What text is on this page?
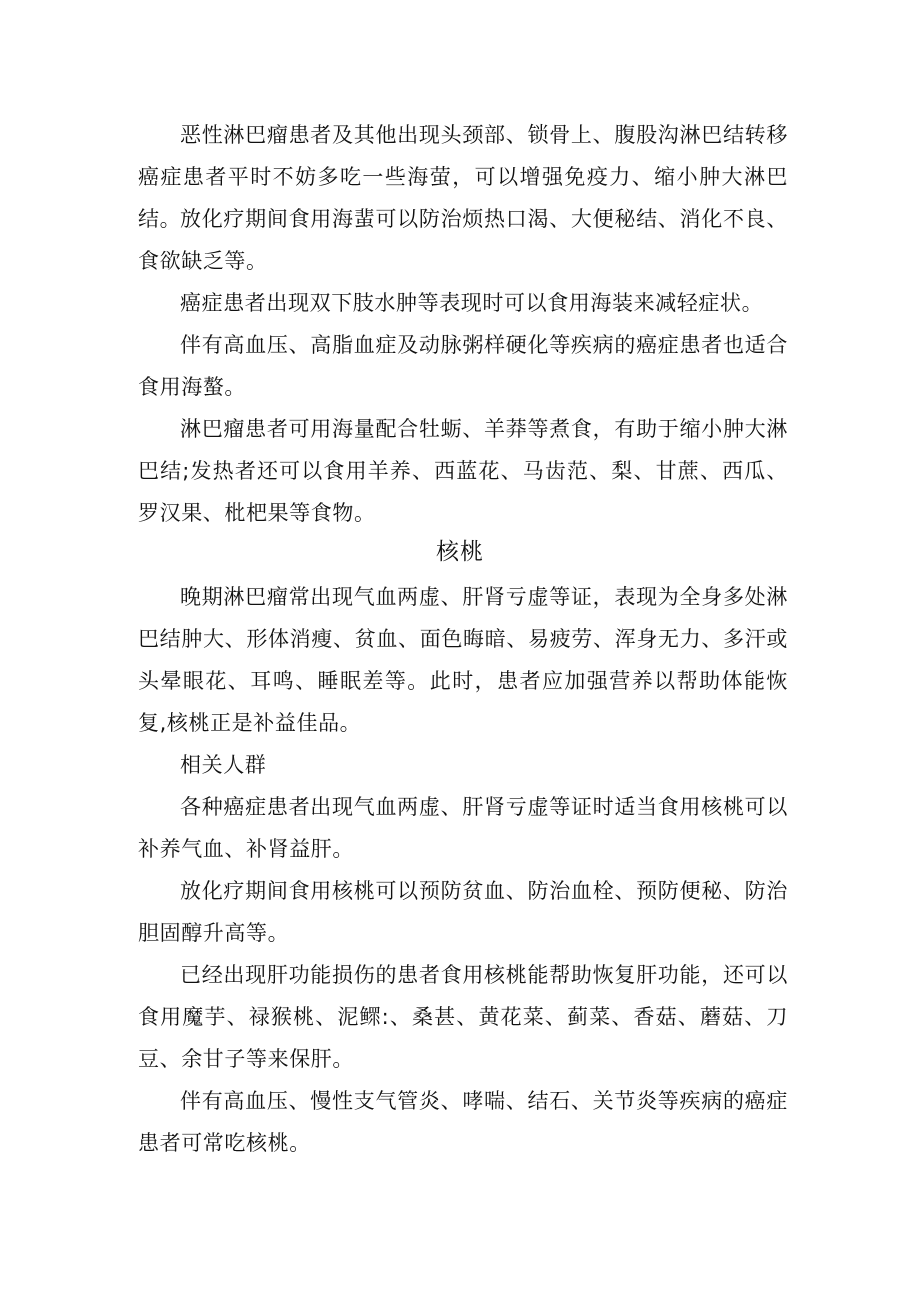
恶性淋巴瘤患者及其他出现头颈部、锁骨上、腹股沟淋巴结转移癌症患者平时不妨多吃一些海萤，可以增强免疫力、缩小肿大淋巴结。

放化疗期间食用海蜚可以防治烦热口渴、大便秘结、消化不良、食欲缺乏等。

癌症患者出现双下肢水肿等表现时可以食用海装来减轻症状。

伴有高血压、高脂血症及动脉粥样硬化等疾病的癌症患者也适合食用海螯。

淋巴瘤患者可用海量配合牡蛎、羊莽等煮食，有助于缩小肿大淋巴结;发热者还可以食用羊养、西蓝花、马齿范、梨、甘蔗、西瓜、罗汉果、枇杷果等食物。

核桃

晚期淋巴瘤常出现气血两虚、肝肾亏虚等证，表现为全身多处淋巴结肿大、形体消瘦、贫血、面色晦暗、易疲劳、浑身无力、多汗或头晕眼花、耳鸣、睡眠差等。此时，患者应加强营养以帮助体能恢复,核桃正是补益佳品。

相关人群

各种癌症患者出现气血两虚、肝肾亏虚等证时适当食用核桃可以补养气血、补肾益肝。

放化疗期间食用核桃可以预防贫血、防治血栓、预防便秘、防治胆固醇升高等。

已经出现肝功能损伤的患者食用核桃能帮助恢复肝功能，还可以食用魔芋、禄猴桃、泥鳏:、桑甚、黄花菜、蓟菜、香菇、蘑菇、刀豆、余甘子等来保肝。

伴有高血压、慢性支气管炎、哮喘、结石、关节炎等疾病的癌症患者可常吃核桃。
